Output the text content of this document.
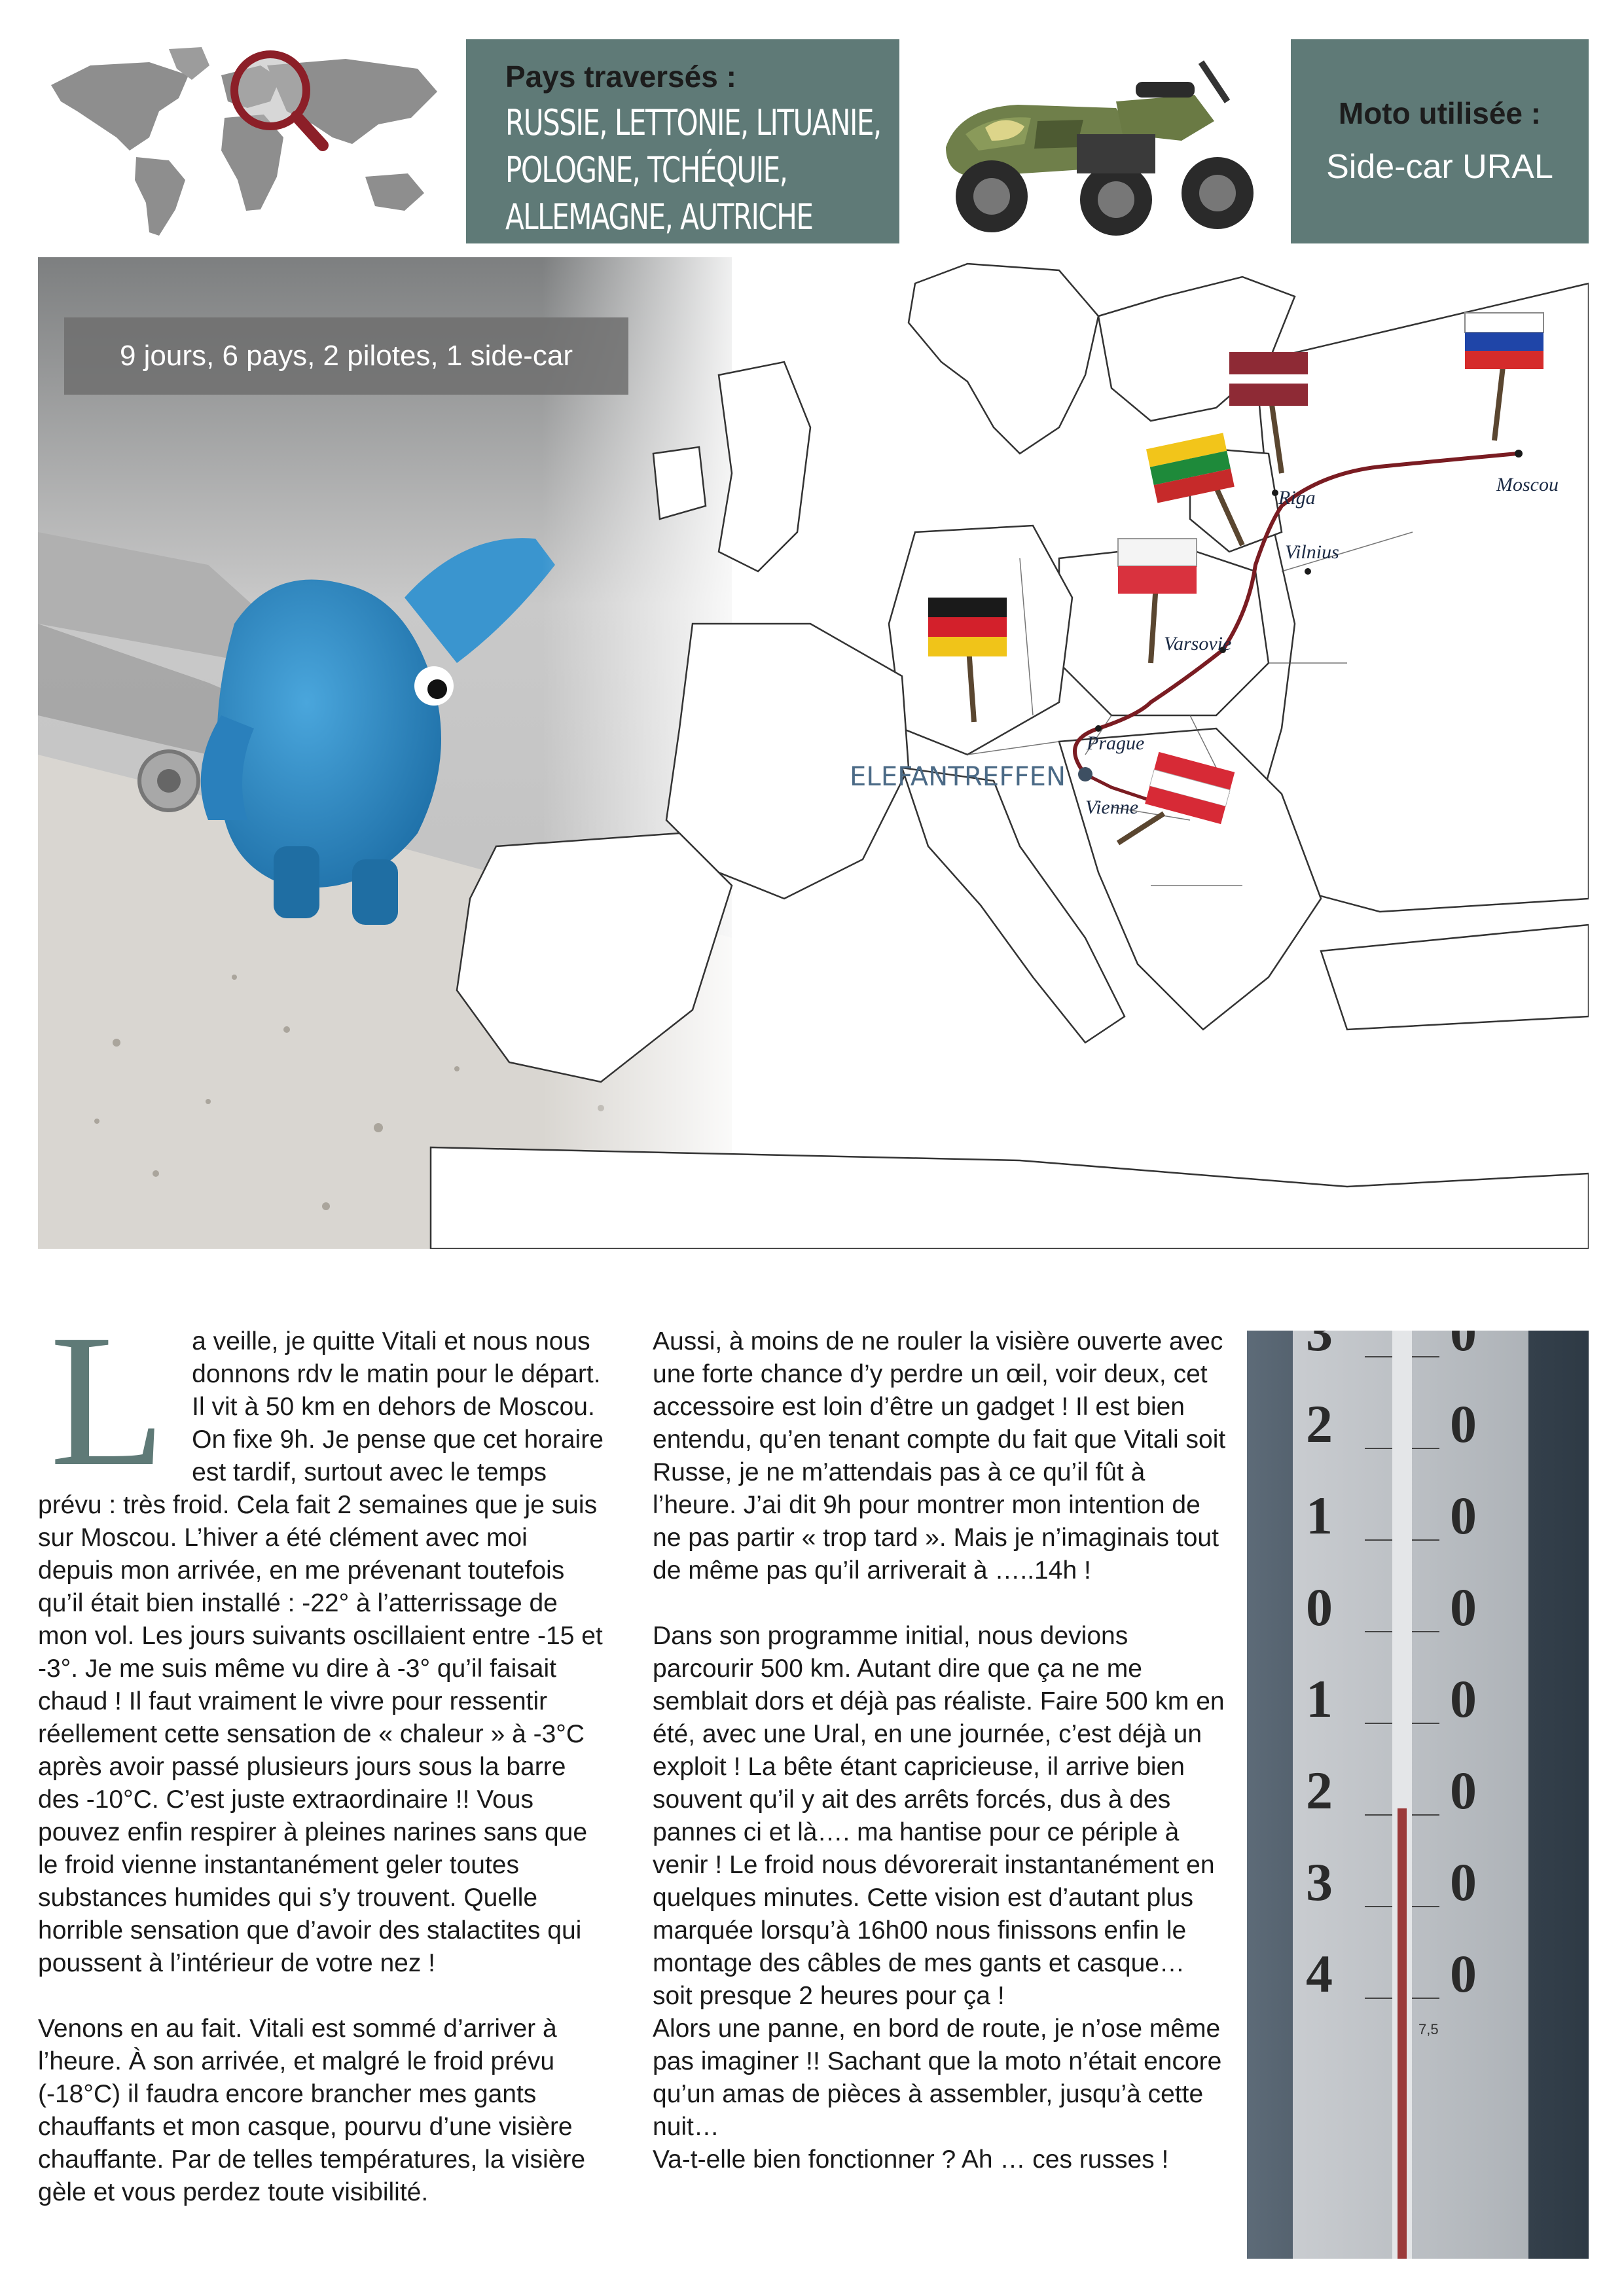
Pays traversés :
RUSSIE, LETTONIE, LITUANIE,
POLOGNE, TCHÉQUIE,
ALLEMAGNE, AUTRICHE
Moto utilisée :
Side-car URAL
Moscou
Riga
Vilnius
Varsovie
Prague
Vienne
ELEFANTREFFEN
9 jours, 6 pays, 2 pilotes, 1 side-car
L	a veille, je quitte Vitali et nous nous donnons rdv le matin pour le départ. Il vit à 50 km en dehors de Moscou. On fixe 9h. Je pense que cet horaire est tardif, surtout avec le temps prévu : très froid. Cela fait 2 semaines que je suis sur Moscou. L’hiver a été clément avec moi depuis mon arrivée, en me prévenant toutefois qu’il était bien installé : -22° à l’atterrissage de mon vol. Les jours suivants oscillaient entre -15 et -3°. Je me suis même vu dire à -3° qu’il faisait chaud ! Il faut vraiment le vivre pour ressentir réellement cette sensation de « chaleur » à -3°C après avoir passé plusieurs jours sous la barre des -10°C. C’est juste extraordinaire !! Vous pouvez enfin respirer à pleines narines sans que le froid vienne instantanément geler toutes substances humides qui s’y trouvent. Quelle horrible sensation que d’avoir des stalactites qui poussent à l’intérieur de votre nez !

Venons en au fait. Vitali est sommé d’arriver à l’heure. À son arrivée, et malgré le froid prévu (-18°C) il faudra encore brancher mes gants chauffants et mon casque, pourvu d’une visière chauffante. Par de telles températures, la visière gèle et vous perdez toute visibilité.

Aussi, à moins de ne rouler la visière ouverte avec une forte chance d’y perdre un œil, voir deux, cet accessoire est loin d’être un gadget ! Il est bien entendu, qu’en tenant compte du fait que Vitali soit Russe, je ne m’attendais pas à ce qu’il fût à l’heure. J’ai dit 9h pour montrer mon intention de ne pas partir « trop tard ». Mais je n’imaginais tout de même pas qu’il arriverait à …..14h !

Dans son programme initial, nous devions parcourir 500 km. Autant dire que ça ne me semblait dors et déjà pas réaliste. Faire 500 km en été, avec une Ural, en une journée, c’est déjà un exploit ! La bête étant capricieuse, il arrive bien souvent qu’il y ait des arrêts forcés, dus à des pannes ci et là…. ma hantise pour ce périple à venir ! Le froid nous dévorerait instantanément en quelques minutes. Cette vision est d’autant plus marquée lorsqu’à 16h00 nous finissons enfin le montage des câbles de mes gants et casque… soit presque 2 heures pour ça !

Alors une panne, en bord de route, je n’ose même pas imaginer !! Sachant que la moto n’était encore qu’un amas de pièces à assembler, jusqu’à cette nuit…

Va-t-elle bien fonctionner ? Ah … ces russes !

3
2
1
0
1
2
3
4
0
0
0
0
0
0
0
0
7,5
